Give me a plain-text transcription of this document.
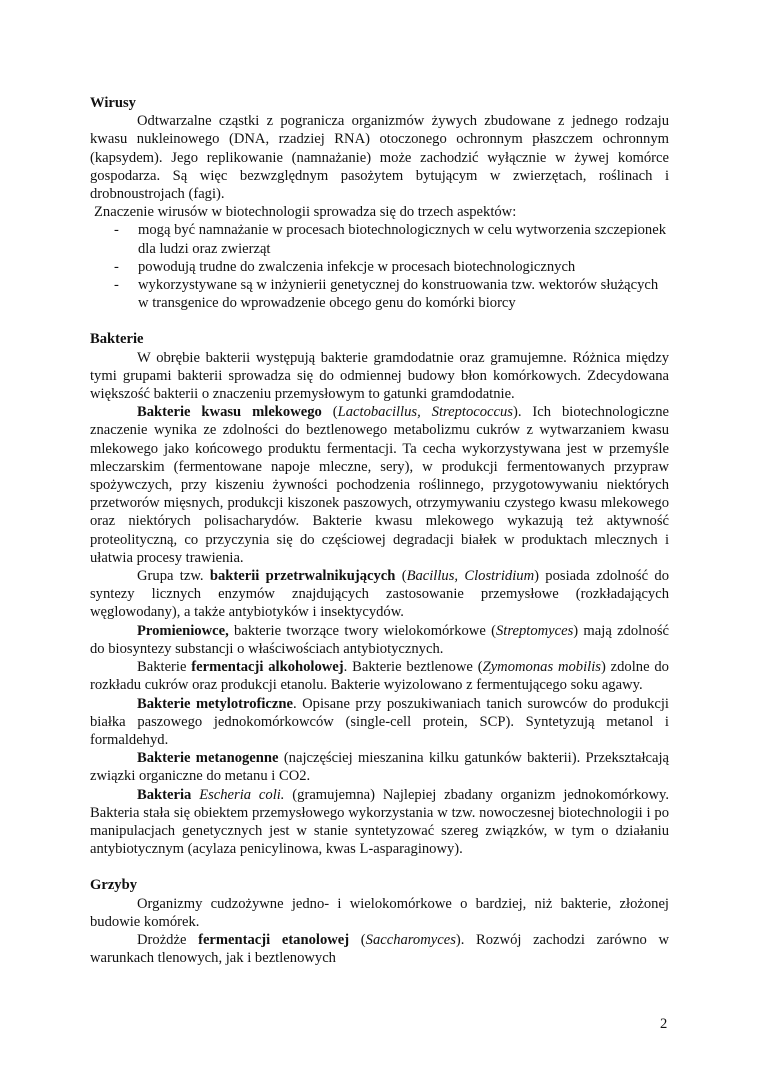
Wirusy

Odtwarzalne cząstki z pogranicza organizmów żywych zbudowane z jednego rodzaju kwasu nukleinowego (DNA, rzadziej RNA) otoczonego ochronnym płaszczem ochronnym (kapsydem). Jego replikowanie (namnażanie) może zachodzić wyłącznie w żywej komórce gospodarza. Są więc bezwzględnym pasożytem bytującym w zwierzętach, roślinach i drobnoustrojach (fagi).

Znaczenie wirusów w biotechnologii sprowadza się do trzech aspektów:

- mogą być namnażanie w procesach biotechnologicznych w celu wytworzenia szczepionek dla ludzi oraz zwierząt
- powodują trudne do zwalczenia infekcje w procesach biotechnologicznych
- wykorzystywane są w inżynierii genetycznej do konstruowania tzw. wektorów służących w transgenice do wprowadzenie obcego genu do komórki biorcy

Bakterie

W obrębie bakterii występują bakterie gramdodatnie oraz gramujemne. Różnica między tymi grupami bakterii sprowadza się do odmiennej budowy błon komórkowych. Zdecydowana większość bakterii o znaczeniu przemysłowym to gatunki gramdodatnie.

Bakterie kwasu mlekowego (Lactobacillus, Streptococcus). Ich biotechnologiczne znaczenie wynika ze zdolności do beztlenowego metabolizmu cukrów z wytwarzaniem kwasu mlekowego jako końcowego produktu fermentacji. Ta cecha wykorzystywana jest w przemyśle mleczarskim (fermentowane napoje mleczne, sery), w produkcji fermentowanych przypraw spożywczych, przy kiszeniu żywności pochodzenia roślinnego, przygotowywaniu niektórych przetworów mięsnych, produkcji kiszonek paszowych, otrzymywaniu czystego kwasu mlekowego oraz niektórych polisacharydów. Bakterie kwasu mlekowego wykazują też aktywność proteolityczną, co przyczynia się do częściowej degradacji białek w produktach mlecznych i ułatwia procesy trawienia.

Grupa tzw. bakterii przetrwalnikujących (Bacillus, Clostridium) posiada zdolność do syntezy licznych enzymów znajdujących zastosowanie przemysłowe (rozkładających węglowodany), a także antybiotyków i insektycydów.

Promieniowce, bakterie tworzące twory wielokomórkowe (Streptomyces) mają zdolność do biosyntezy substancji o właściwościach antybiotycznych.

Bakterie fermentacji alkoholowej. Bakterie beztlenowe (Zymomonas mobilis) zdolne do rozkładu cukrów oraz produkcji etanolu. Bakterie wyizolowano z fermentującego soku agawy.

Bakterie metylotroficzne. Opisane przy poszukiwaniach tanich surowców do produkcji białka paszowego jednokomórkowców (single-cell protein, SCP). Syntetyzują metanol i formaldehyd.

Bakterie metanogenne (najczęściej mieszanina kilku gatunków bakterii). Przekształcają związki organiczne do metanu i CO2.

Bakteria Escheria coli. (gramujemna) Najlepiej zbadany organizm jednokomórkowy. Bakteria stała się obiektem przemysłowego wykorzystania w tzw. nowoczesnej biotechnologii i po manipulacjach genetycznych jest w stanie syntetyzować szereg związków, w tym o działaniu antybiotycznym (acylaza penicylinowa, kwas L-asparaginowy).

Grzyby

Organizmy cudzożywne jedno- i wielokomórkowe o bardziej, niż bakterie, złożonej budowie komórek.

Drożdże fermentacji etanolowej (Saccharomyces). Rozwój zachodzi zarówno w warunkach tlenowych, jak i beztlenowych

2
